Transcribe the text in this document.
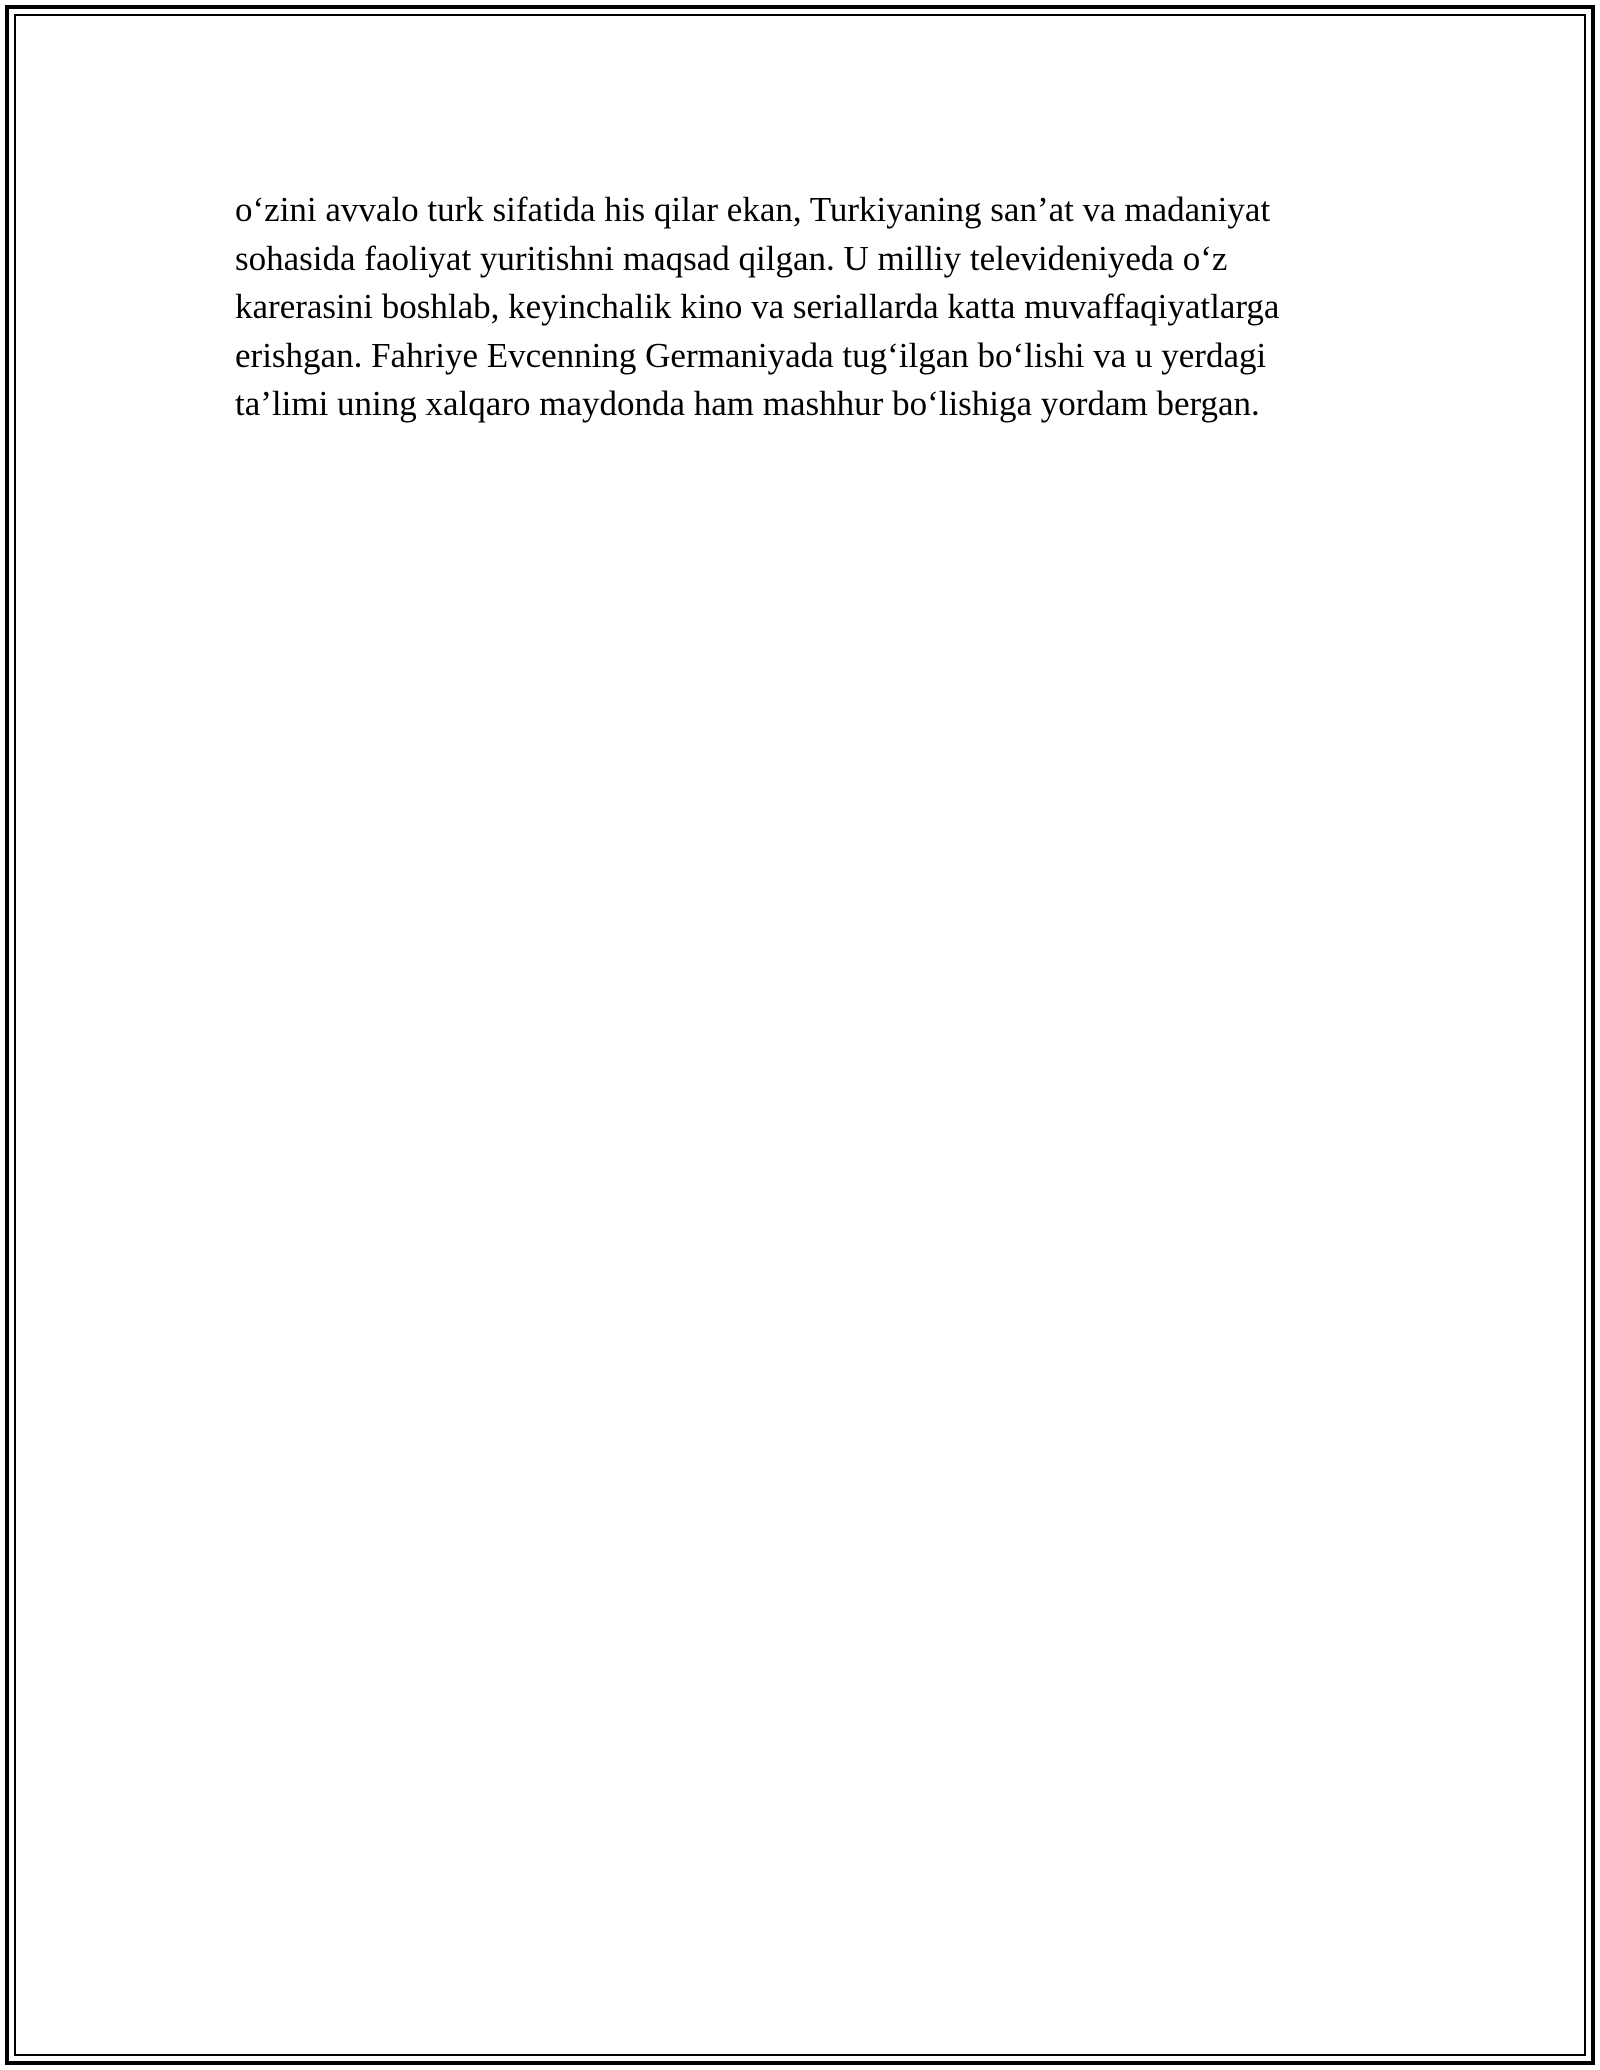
o‘zini avvalo turk sifatida his qilar ekan, Turkiyaning san’at va madaniyat
sohasida faoliyat yuritishni maqsad qilgan. U milliy televideniyeda o‘z
karerasini boshlab, keyinchalik kino va seriallarda katta muvaffaqiyatlarga
erishgan. Fahriye Evcenning Germaniyada tug‘ilgan bo‘lishi va u yerdagi
ta’limi uning xalqaro maydonda ham mashhur bo‘lishiga yordam bergan.
